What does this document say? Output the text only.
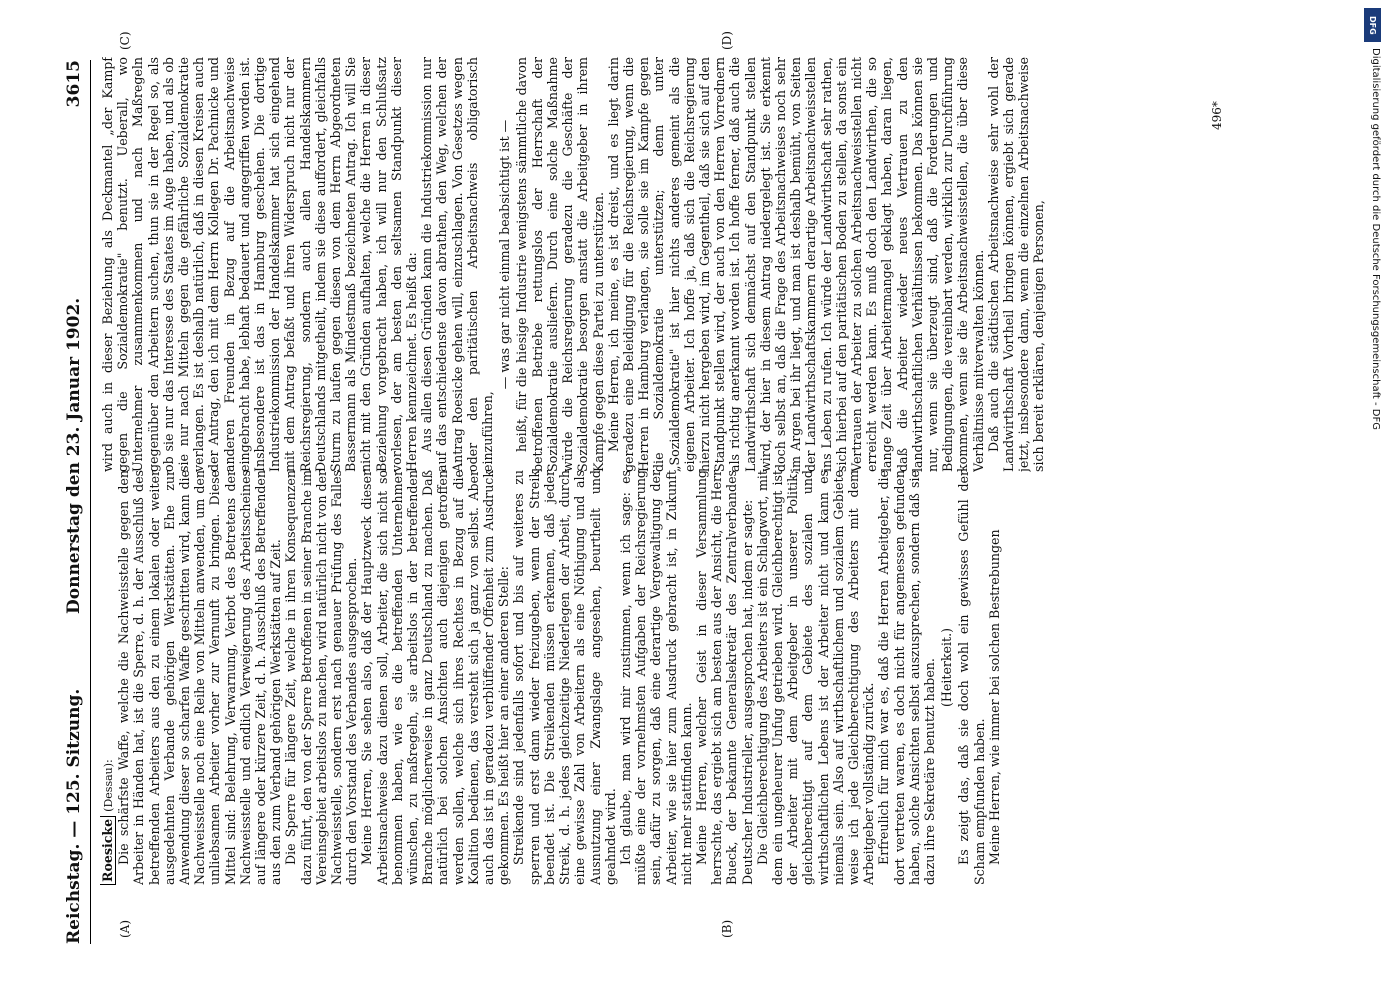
Reichstag. — 125. Sitzung.
Donnerstag den 23. Januar 1902.
3615
(A)	(B)
(C)	(D)

Roesicke (Dessau): Die schärfste Waffe, welche die Nachweisstelle gegen den Arbeiter in Händen hat, ist die Sperre, d. h. der Ausschluß des betreffenden Arbeiters aus den zu einem lokalen oder weiter ausgedehnten Verbande gehörigen Werkstätten. Ehe zur Anwendung dieser so scharfen Waffe geschritten wird, kann die Nachweisstelle noch eine Reihe von Mitteln anwenden, um den unliebsamen Arbeiter vorher zur Vernunft zu bringen. Diese Mittel sind: Belehrung, Verwarnung, Verbot des Betretens der Nachweisstelle und endlich Verweigerung des Arbeitsscheines auf längere oder kürzere Zeit, d. h. Ausschluß des Betreffenden aus den zum Verband gehörigen Werkstätten auf Zeit. Die Sperre für längere Zeit, welche in ihren Konsequenzen dazu führt, den von der Sperre Betroffenen in seiner Branche im Vereinsgebiet arbeitslos zu machen, wird natürlich nicht von der Nachweisstelle, sondern erst nach genauer Prüfung des Falles durch den Vorstand des Verbandes ausgesprochen. Meine Herren, Sie sehen also, daß der Hauptzweck dieser Arbeitsnachweise dazu dienen soll, Arbeiter, die sich nicht so benommen haben, wie es die betreffenden Unternehmer wünschen, zu maßregeln, sie arbeitslos in der betreffenden Branche möglicherweise in ganz Deutschland zu machen. Daß natürlich bei solchen Ansichten auch diejenigen getroffen werden sollen, welche sich ihres Rechtes in Bezug auf die Koalition bedienen, das versteht sich ja ganz von selbst. Aber auch das ist in geradezu verblüffender Offenheit zum Ausdruck gekommen. Es heißt hier an einer anderen Stelle: Streikende sind jedenfalls sofort und bis auf weiteres zu sperren und erst dann wieder freizugeben, wenn der Streik beendet ist. Die Streikenden müssen erkennen, daß jeder Streik, d. h. jedes gleichzeitige Niederlegen der Arbeit, durch eine gewisse Zahl von Arbeitern als eine Nöthigung und als Ausnutzung einer Zwangslage angesehen, beurtheilt und geahndet wird. Ich glaube, man wird mir zustimmen, wenn ich sage: es müßte eine der vornehmsten Aufgaben der Reichsregierung sein, dafür zu sorgen, daß eine derartige Vergewaltigung der Arbeiter, wie sie hier zum Ausdruck gebracht ist, in Zukunft nicht mehr stattfinden kann. Meine Herren, welcher Geist in dieser Versammlung herrschte, das ergiebt sich am besten aus der Ansicht, die Herr Bueck, der bekannte Generalsekretär des Zentralverbandes Deutscher Industrieller, ausgesprochen hat, indem er sagte: Die Gleichberechtigung des Arbeiters ist ein Schlagwort, mit dem ein ungeheurer Unfug getrieben wird. Gleichberechtigt ist der Arbeiter mit dem Arbeitgeber in unserer Politik; gleichberechtigt auf dem Gebiete des sozialen und wirthschaftlichen Lebens ist der Arbeiter nicht und kann es niemals sein. Also auf wirthschaftlichem und sozialem Gebiete weise ich jede Gleichberechtigung des Arbeiters mit dem Arbeitgeber vollständig zurück. Erfreulich für mich war es, daß die Herren Arbeitgeber, die dort vertreten waren, es doch nicht für angemessen gefunden haben, solche Ansichten selbst auszusprechen, sondern daß sie dazu ihre Sekretäre benutzt haben. (Heiterkeit.) Es zeigt das, daß sie doch wohl ein gewisses Gefühl der Scham empfunden haben. Meine Herren, wie immer bei solchen Bestrebungen

wird auch in dieser Beziehung als Deckmantel „der Kampf gegen die Sozialdemokratie" benutzt. Ueberall, wo Unternehmer zusammenkommen und nach Maßregeln gegenüber den Arbeitern suchen, thun sie in der Regel so, als ob sie nur das Interesse des Staates im Auge haben, und als ob sie nur nach Mitteln gegen die gefährliche Sozialdemokratie verlangen. Es ist deshalb natürlich, daß in diesen Kreisen auch der Antrag, den ich mit dem Herrn Kollegen Dr. Pachnicke und anderen Freunden in Bezug auf die Arbeitsnachweise eingebracht habe, lebhaft bedauert und angegriffen worden ist. Insbesondere ist das in Hamburg geschehen. Die dortige Industriekommission der Handelskammer hat sich eingehend mit dem Antrag befaßt und ihren Widerspruch nicht nur der Reichsregierung, sondern auch allen Handelskammern Deutschlands mitgetheilt, indem sie diese auffordert, gleichfalls Sturm zu laufen gegen diesen von dem Herrn Abgeordneten Bassermann als Mindestmaß bezeichneten Antrag. Ich will Sie nicht mit den Gründen aufhalten, welche die Herren in dieser Beziehung vorgebracht haben, ich will nur den Schlußsatz vorlesen, der am besten den seltsamen Standpunkt dieser Herren kennzeichnet. Es heißt da: Aus allen diesen Gründen kann die Industriekommission nur auf das entschiedenste davon abrathen, den Weg, welchen der Antrag Roesicke gehen will, einzuschlagen. Von Gesetzes wegen oder den paritätischen Arbeitsnachweis obligatorisch einzuführen,

— was gar nicht einmal beabsichtigt ist — heißt, für die hiesige Industrie wenigstens sämmtliche davon betroffenen Betriebe rettungslos der Herrschaft der Sozialdemokratie ausliefern. Durch eine solche Maßnahme würde die Reichsregierung geradezu die Geschäfte der Sozialdemokratie besorgen anstatt die Arbeitgeber in ihrem Kampfe gegen diese Partei zu unterstützen. Meine Herren, ich meine, es ist dreist, und es liegt darin geradezu eine Beleidigung für die Reichsregierung, wenn die Herren in Hamburg verlangen, sie solle sie im Kampfe gegen die Sozialdemokratie unterstützen; denn unter „Sozialdemokratie" ist hier nichts anderes gemeint als die eigenen Arbeiter. Ich hoffe ja, daß sich die Reichsregierung hierzu nicht hergeben wird, im Gegentheil, daß sie sich auf den Standpunkt stellen wird, der auch von den Herren Vorrednern als richtig anerkannt worden ist. Ich hoffe ferner, daß auch die Landwirthschaft sich demnächst auf den Standpunkt stellen wird, der hier in diesem Antrag niedergelegt ist. Sie erkennt doch selbst an, daß die Frage des Arbeitsnachweises noch sehr im Argen bei ihr liegt, und man ist deshalb bemüht, von Seiten der Landwirthschaftskammern derartige Arbeitsnachweisstellen ins Leben zu rufen. Ich würde der Landwirthschaft sehr rathen, sich hierbei auf den paritätischen Boden zu stellen, da sonst ein Vertrauen der Arbeiter zu solchen Arbeitsnachweisstellen nicht erreicht werden kann. Es muß doch den Landwirthen, die so lange Zeit über Arbeitermangel geklagt haben, daran liegen, daß die Arbeiter wieder neues Vertrauen zu den landwirthschaftlichen Verhältnissen bekommen. Das können sie nur, wenn sie überzeugt sind, daß die Forderungen und Bedingungen, die vereinbart werden, wirklich zur Durchführung kommen, wenn sie die Arbeitsnachweisstellen, die über diese Verhältnisse mitverwalten können. Daß auch die städtischen Arbeitsnachweise sehr wohl der Landwirthschaft Vortheil bringen können, ergiebt sich gerade jetzt, insbesondere dann, wenn die einzelnen Arbeitsnachweise sich bereit erklären, denjenigen Personen,

496*
DFG
Digitalisierung gefördert durch die Deutsche Forschungsgemeinschaft - DFG
